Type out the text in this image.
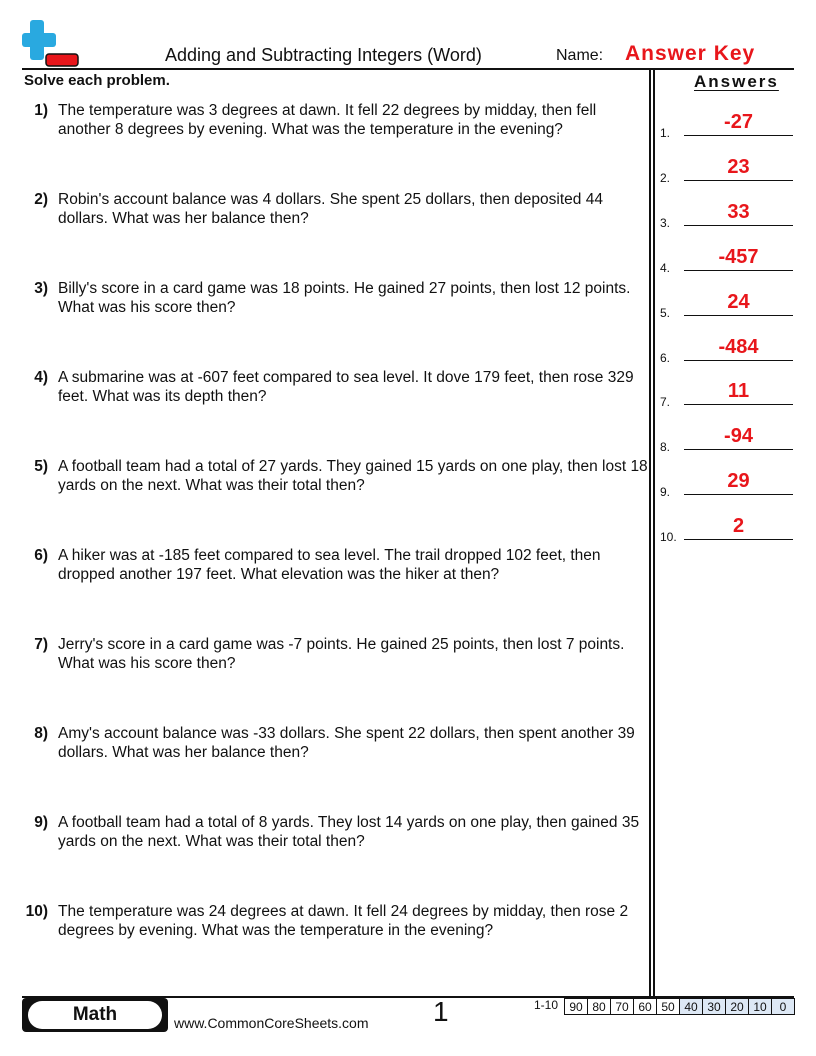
Adding and Subtracting Integers (Word)	Name: Answer Key
Solve each problem.	Answers
1) The temperature was 3 degrees at dawn. It fell 22 degrees by midday, then fell another 8 degrees by evening. What was the temperature in the evening?
2) Robin's account balance was 4 dollars. She spent 25 dollars, then deposited 44 dollars. What was her balance then?
3) Billy's score in a card game was 18 points. He gained 27 points, then lost 12 points. What was his score then?
4) A submarine was at -607 feet compared to sea level. It dove 179 feet, then rose 329 feet. What was its depth then?
5) A football team had a total of 27 yards. They gained 15 yards on one play, then lost 18 yards on the next. What was their total then?
6) A hiker was at -185 feet compared to sea level. The trail dropped 102 feet, then dropped another 197 feet. What elevation was the hiker at then?
7) Jerry's score in a card game was -7 points. He gained 25 points, then lost 7 points. What was his score then?
8) Amy's account balance was -33 dollars. She spent 22 dollars, then spent another 39 dollars. What was her balance then?
9) A football team had a total of 8 yards. They lost 14 yards on one play, then gained 35 yards on the next. What was their total then?
10) The temperature was 24 degrees at dawn. It fell 24 degrees by midday, then rose 2 degrees by evening. What was the temperature in the evening?
1.	-27
2.	23
3.	33
4.	-457
5.	24
6.	-484
7.	11
8.	-94
9.	29
10.	2
Math	www.CommonCoreSheets.com 1	1-10 90	80	70	60	50	40	30	20	10	0
